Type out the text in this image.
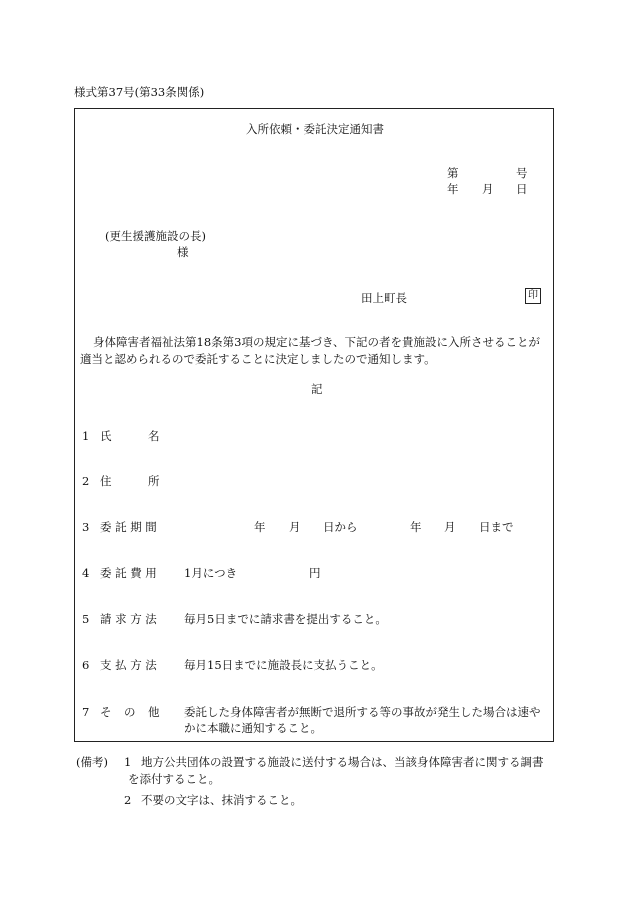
様式第37号(第33条関係)
入所依頼・委託決定通知書
第	号
年 月 日
(更生援護施設の長)
様
田上町長	印
身体障害者福祉法第18条第3項の規定に基づき、下記の者を貴施設に入所させることが
適当と認められるので委託することに決定しましたので通知します。
記
1 氏	名
2 住	所
3 委託期間	年 月 日から	年 月 日まで
4 委託費用 1月につき	円
5 請求方法 毎月5日までに請求書を提出すること。
6 支払方法 毎月15日までに施設長に支払うこと。
7 そ の 他 委託した身体障害者が無断で退所する等の事故が発生した場合は速や
かに本職に通知すること。
(備考) 1 地方公共団体の設置する施設に送付する場合は、当該身体障害者に関する調書
を添付すること。
2 不要の文字は、抹消すること。
